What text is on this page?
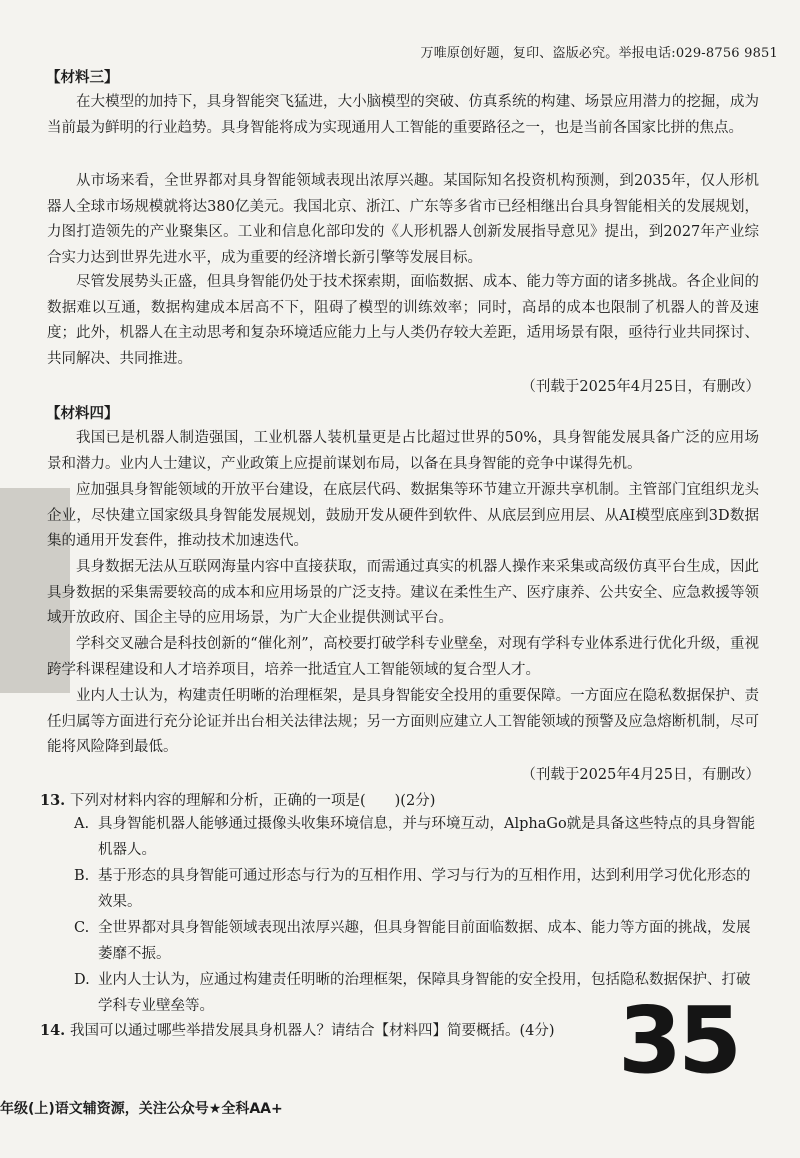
万唯原创好题，复印、盗版必究。举报电话:029-8756 9851
【材料三】

在大模型的加持下，具身智能突飞猛进，大小脑模型的突破、仿真系统的构建、场景应用潜力的挖掘，成为当前最为鲜明的行业趋势。具身智能将成为实现通用人工智能的重要路径之一，也是当前各国家比拼的焦点。

从市场来看，全世界都对具身智能领域表现出浓厚兴趣。某国际知名投资机构预测，到2035年，仅人形机器人全球市场规模就将达380亿美元。我国北京、浙江、广东等多省市已经相继出台具身智能相关的发展规划，力图打造领先的产业聚集区。工业和信息化部印发的《人形机器人创新发展指导意见》提出，到2027年产业综合实力达到世界先进水平，成为重要的经济增长新引擎等发展目标。

尽管发展势头正盛，但具身智能仍处于技术探索期，面临数据、成本、能力等方面的诸多挑战。各企业间的数据难以互通，数据构建成本居高不下，阻碍了模型的训练效率；同时，高昂的成本也限制了机器人的普及速度；此外，机器人在主动思考和复杂环境适应能力上与人类仍存较大差距，适用场景有限，亟待行业共同探讨、共同解决、共同推进。

（刊载于2025年4月25日，有删改）
【材料四】

我国已是机器人制造强国，工业机器人装机量更是占比超过世界的50%，具身智能发展具备广泛的应用场景和潜力。业内人士建议，产业政策上应提前谋划布局，以备在具身智能的竞争中谋得先机。

应加强具身智能领域的开放平台建设，在底层代码、数据集等环节建立开源共享机制。主管部门宜组织龙头企业，尽快建立国家级具身智能发展规划，鼓励开发从硬件到软件、从底层到应用层、从AI模型底座到3D数据集的通用开发套件，推动技术加速迭代。

具身数据无法从互联网海量内容中直接获取，而需通过真实的机器人操作来采集或高级仿真平台生成，因此具身数据的采集需要较高的成本和应用场景的广泛支持。建议在柔性生产、医疗康养、公共安全、应急救援等领域开放政府、国企主导的应用场景，为广大企业提供测试平台。

学科交叉融合是科技创新的“催化剂”，高校要打破学科专业壁垒，对现有学科专业体系进行优化升级，重视跨学科课程建设和人才培养项目，培养一批适宜人工智能领域的复合型人才。

业内人士认为，构建责任明晰的治理框架，是具身智能安全投用的重要保障。一方面应在隐私数据保护、责任归属等方面进行充分论证并出台相关法律法规；另一方面则应建立人工智能领域的预警及应急熔断机制，尽可能将风险降到最低。

（刊载于2025年4月25日，有删改）
13. 下列对材料内容的理解和分析，正确的一项是(　　)(2分)
A. 具身智能机器人能够通过摄像头收集环境信息，并与环境互动，AlphaGo就是具备这些特点的具身智能机器人。
B. 基于形态的具身智能可通过形态与行为的互相作用、学习与行为的互相作用，达到利用学习优化形态的效果。
C. 全世界都对具身智能领域表现出浓厚兴趣，但具身智能目前面临数据、成本、能力等方面的挑战，发展萎靡不振。
D. 业内人士认为，应通过构建责任明晰的治理框架，保障具身智能的安全投用，包括隐私数据保护、打破学科专业壁垒等。
14. 我国可以通过哪些举措发展具身机器人？请结合【材料四】简要概括。(4分) 35
年级(上)语文辅资源，关注公众号★全科AA+
